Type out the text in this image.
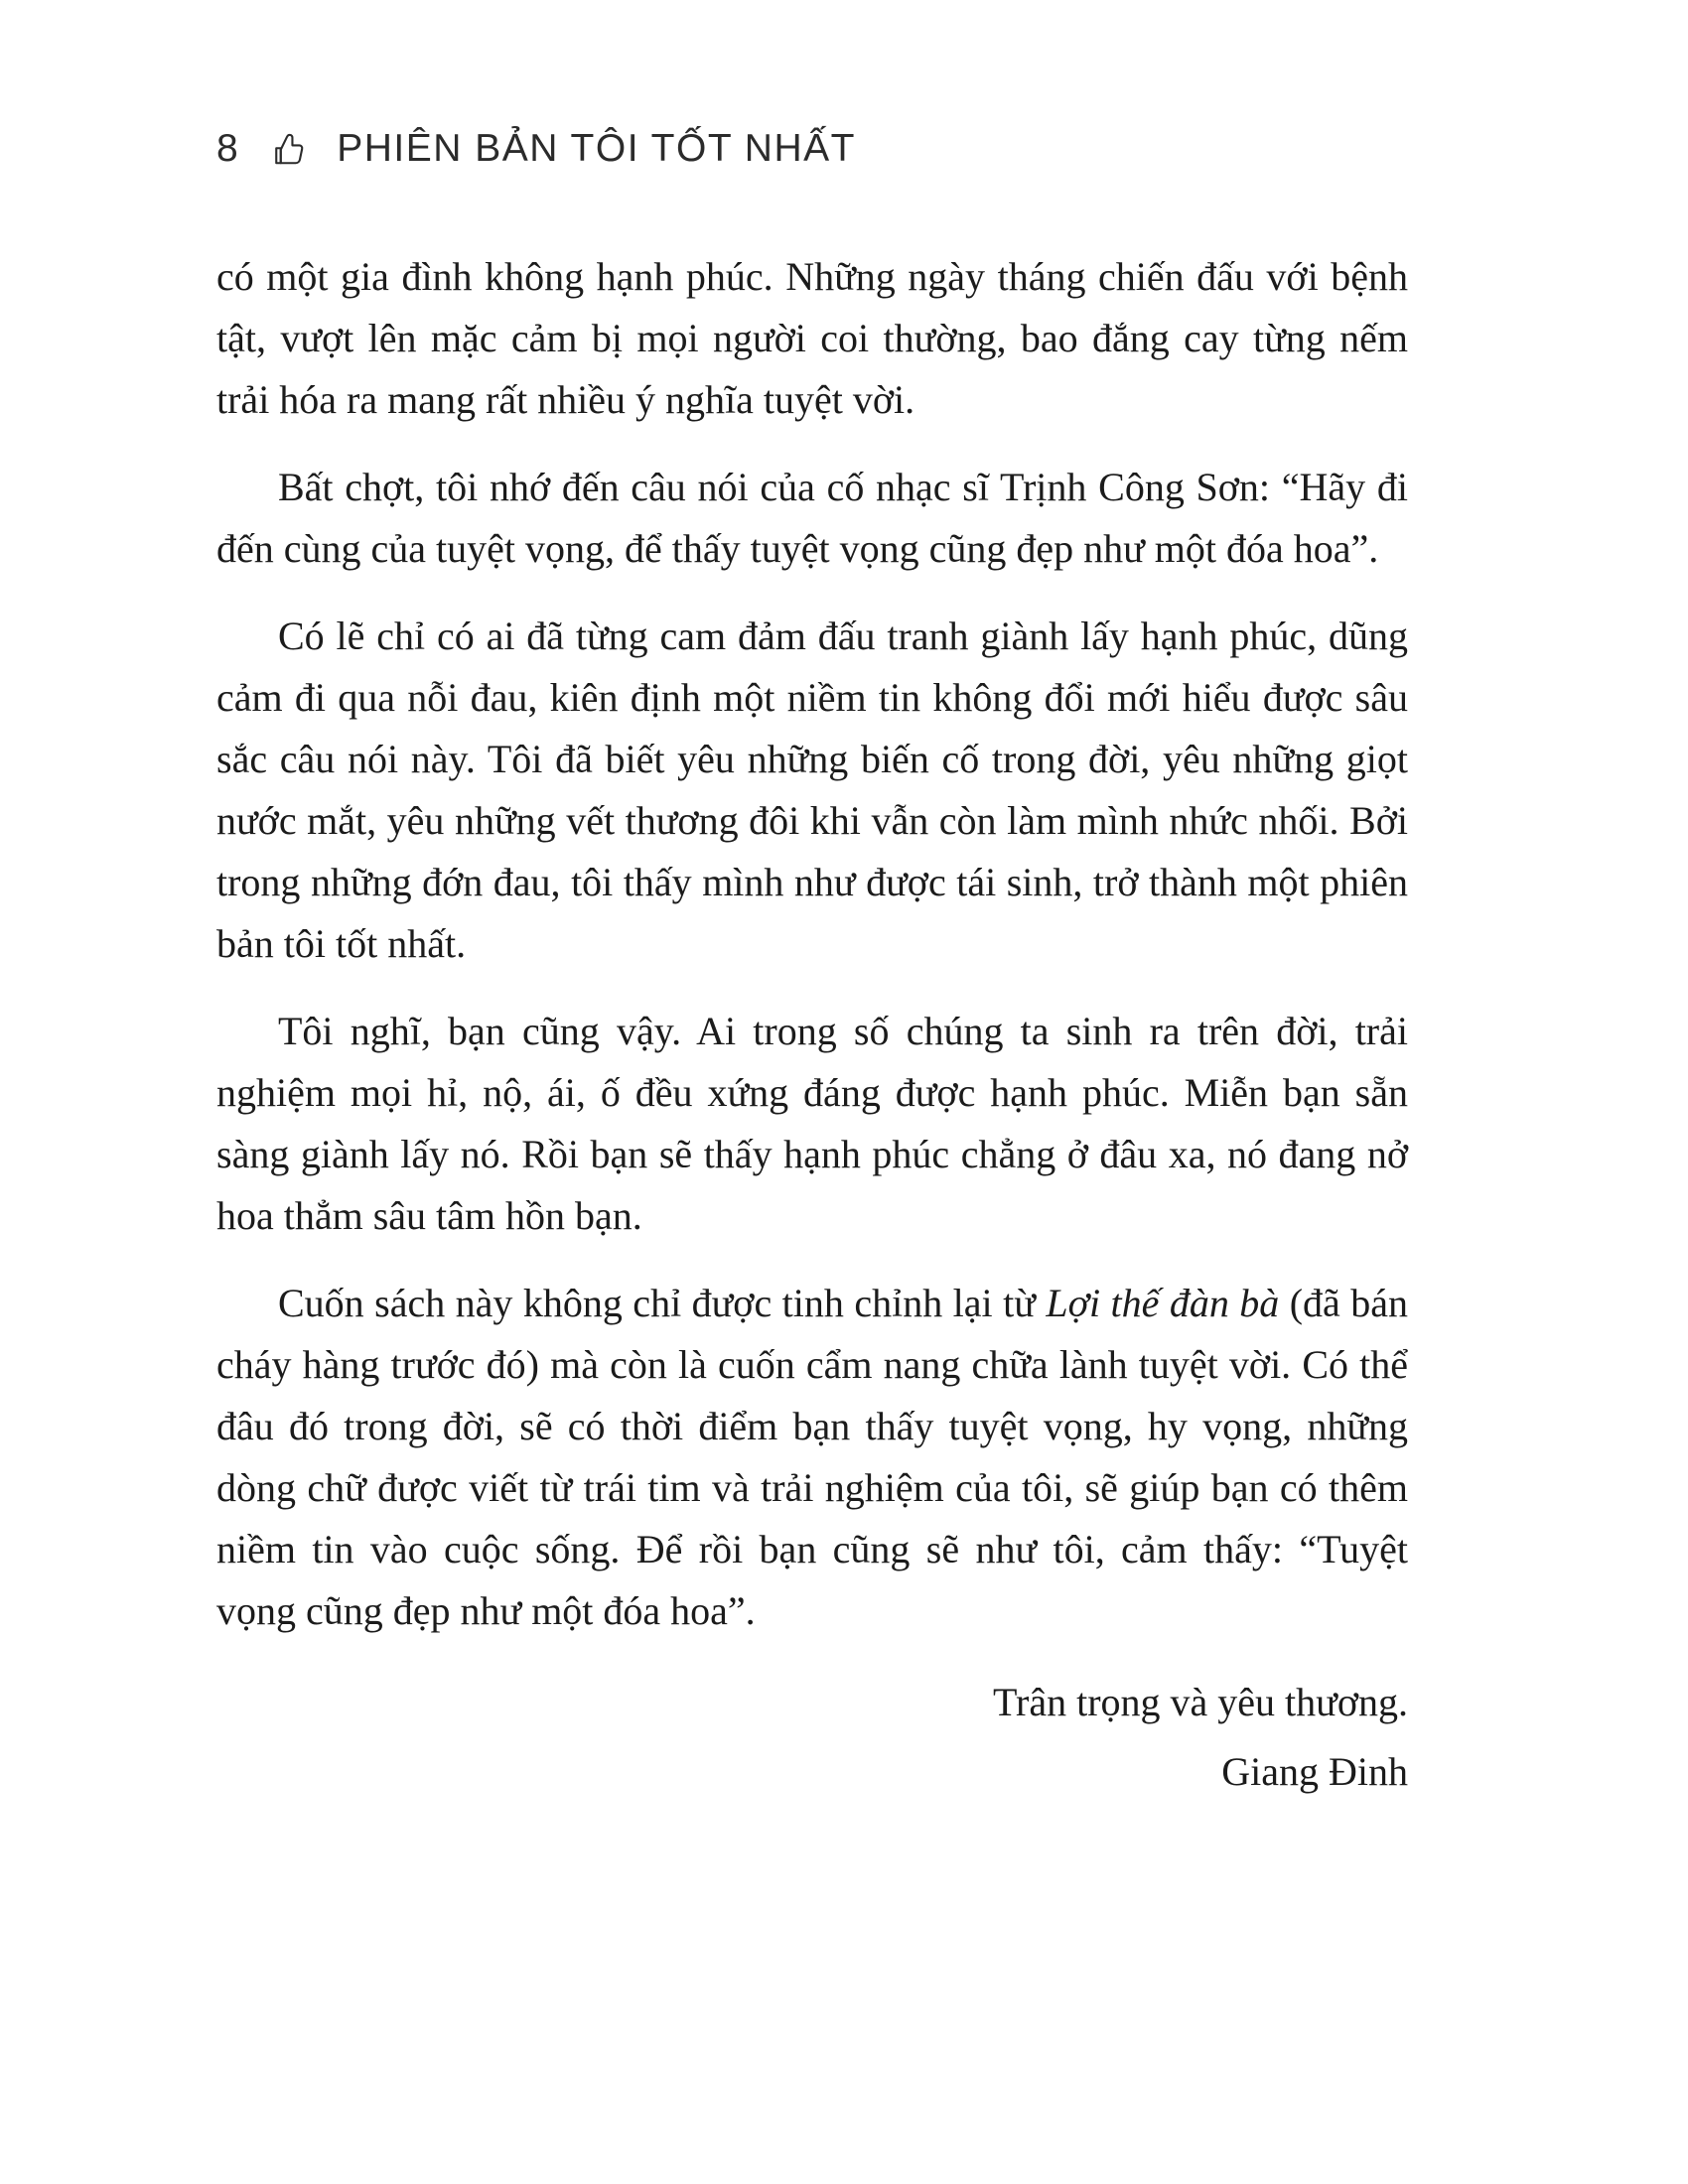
8	PHIÊN BẢN TÔI TỐT NHẤT

có một gia đình không hạnh phúc. Những ngày tháng chiến đấu với bệnh tật, vượt lên mặc cảm bị mọi người coi thường, bao đắng cay từng nếm trải hóa ra mang rất nhiều ý nghĩa tuyệt vời.

Bất chợt, tôi nhớ đến câu nói của cố nhạc sĩ Trịnh Công Sơn: “Hãy đi đến cùng của tuyệt vọng, để thấy tuyệt vọng cũng đẹp như một đóa hoa”.

Có lẽ chỉ có ai đã từng cam đảm đấu tranh giành lấy hạnh phúc, dũng cảm đi qua nỗi đau, kiên định một niềm tin không đổi mới hiểu được sâu sắc câu nói này. Tôi đã biết yêu những biến cố trong đời, yêu những giọt nước mắt, yêu những vết thương đôi khi vẫn còn làm mình nhức nhối. Bởi trong những đớn đau, tôi thấy mình như được tái sinh, trở thành một phiên bản tôi tốt nhất.

Tôi nghĩ, bạn cũng vậy. Ai trong số chúng ta sinh ra trên đời, trải nghiệm mọi hỉ, nộ, ái, ố đều xứng đáng được hạnh phúc. Miễn bạn sẵn sàng giành lấy nó. Rồi bạn sẽ thấy hạnh phúc chẳng ở đâu xa, nó đang nở hoa thẳm sâu tâm hồn bạn.

Cuốn sách này không chỉ được tinh chỉnh lại từ Lợi thế đàn bà (đã bán cháy hàng trước đó) mà còn là cuốn cẩm nang chữa lành tuyệt vời. Có thể đâu đó trong đời, sẽ có thời điểm bạn thấy tuyệt vọng, hy vọng, những dòng chữ được viết từ trái tim và trải nghiệm của tôi, sẽ giúp bạn có thêm niềm tin vào cuộc sống. Để rồi bạn cũng sẽ như tôi, cảm thấy: “Tuyệt vọng cũng đẹp như một đóa hoa”.

Trân trọng và yêu thương.
Giang Đinh
